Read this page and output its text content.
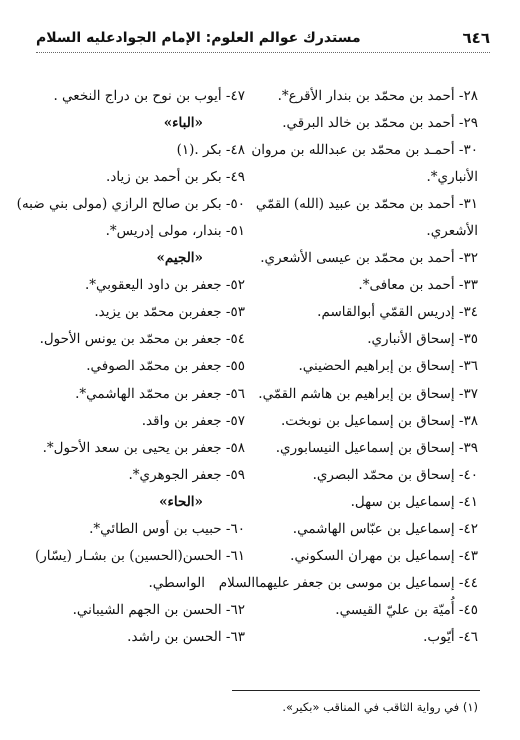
٦٤٦
مستدرك عوالم العلوم: الإمام الجوادعليه السلام
٢٨- أحمد بن محمّد بن بندار الأقرع*.
٢٩- أحمد بن محمّد بن خالد البرقي.
٣٠- أحمـد بن محمّد بن عبدالله بن مروان
الأنباري*.
٣١- أحمد بن محمّد بن عبيد (الله) القمّي
الأشعري.
٣٢- أحمد بن محمّد بن عيسى الأشعري.
٣٣- أحمد بن معافى*.
٣٤- إدريس القمّي أبوالقاسم.
٣٥- إسحاق الأنباري.
٣٦- إسحاق بن إبراهيم الحضيني.
٣٧- إسحاق بن إبراهيم بن هاشم القمّي.
٣٨- إسحاق بن إسماعيل بن نوبخت.
٣٩- إسحاق بن إسماعيل النيسابوري.
٤٠- إسحاق بن محمّد البصري.
٤١- إسماعيل بن سهل.
٤٢- إسماعيل بن عبّاس الهاشمي.
٤٣- إسماعيل بن مهران السكوني.
٤٤- إسماعيل بن موسى بن جعفر عليهماالسلام
٤٥- أُميّة بن عليّ القيسي.
٤٦- أيّوب.
٤٧- أيوب بن نوح بن دراج النخعي .
«الباء»
٤٨- بكر .(١)
٤٩- بكر بن أحمد بن زياد.
٥٠- بكر بن صالح الرازي (مولى بني ضبه)
٥١- بندار، مولى إدريس*.
«الجيم»
٥٢- جعفر بن داود اليعقوبي*.
٥٣- جعفربن محمّد بن يزيد.
٥٤- جعفر بن محمّد بن يونس الأحول.
٥٥- جعفر بن محمّد الصوفي.
٥٦- جعفر بن محمّد الهاشمي*.
٥٧- جعفر بن واقد.
٥٨- جعفر بن يحيى بن سعد الأحول*.
٥٩- جعفر الجوهري*.
«الحاء»
٦٠- حبيب بن أوس الطائي*.
٦١- الحسن(الحسين) بن بشـار (يسّار)
الواسطي.
٦٢- الحسن بن الجهم الشيباني.
٦٣- الحسن بن راشد.
(١) في رواية الثاقب في المناقب «بكير».
